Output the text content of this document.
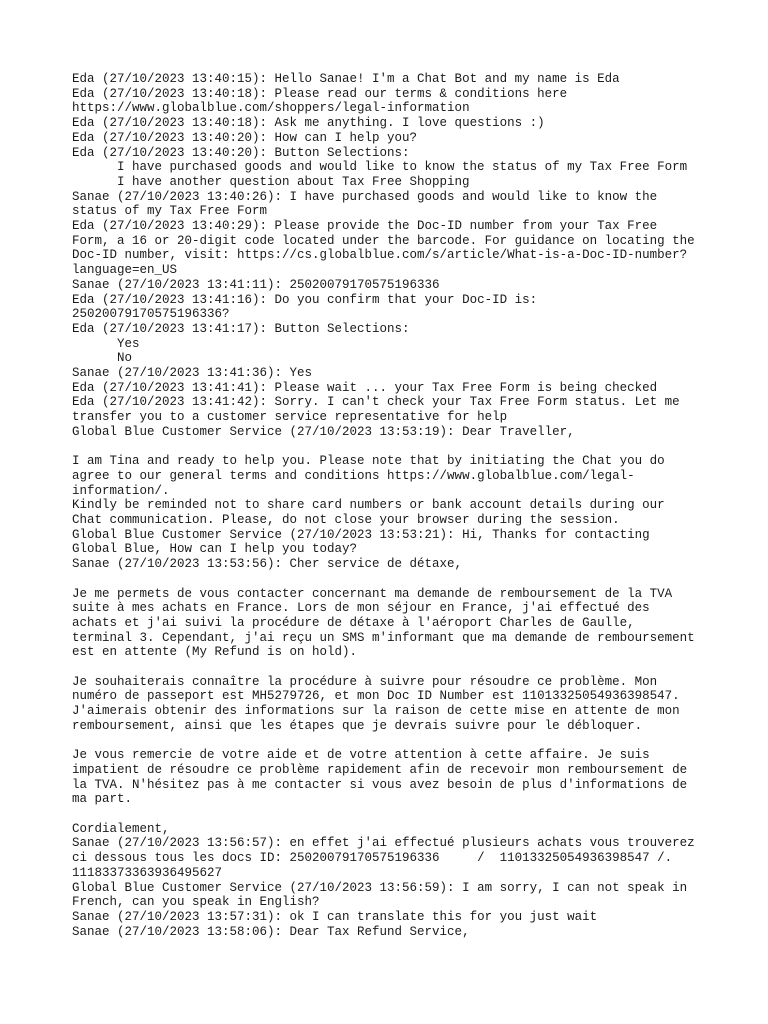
Eda (27/10/2023 13:40:15): Hello Sanae! I'm a Chat Bot and my name is Eda
Eda (27/10/2023 13:40:18): Please read our terms & conditions here
https://www.globalblue.com/shoppers/legal-information
Eda (27/10/2023 13:40:18): Ask me anything. I love questions :)
Eda (27/10/2023 13:40:20): How can I help you?
Eda (27/10/2023 13:40:20): Button Selections:
I have purchased goods and would like to know the status of my Tax Free Form
I have another question about Tax Free Shopping
Sanae (27/10/2023 13:40:26): I have purchased goods and would like to know the
status of my Tax Free Form
Eda (27/10/2023 13:40:29): Please provide the Doc-ID number from your Tax Free
Form, a 16 or 20-digit code located under the barcode. For guidance on locating the
Doc-ID number, visit: https://cs.globalblue.com/s/article/What-is-a-Doc-ID-number?
language=en_US
Sanae (27/10/2023 13:41:11): 25020079170575196336
Eda (27/10/2023 13:41:16): Do you confirm that your Doc-ID is:
25020079170575196336?
Eda (27/10/2023 13:41:17): Button Selections:
Yes
No
Sanae (27/10/2023 13:41:36): Yes
Eda (27/10/2023 13:41:41): Please wait ... your Tax Free Form is being checked
Eda (27/10/2023 13:41:42): Sorry. I can't check your Tax Free Form status. Let me
transfer you to a customer service representative for help
Global Blue Customer Service (27/10/2023 13:53:19): Dear Traveller,
I am Tina and ready to help you. Please note that by initiating the Chat you do
agree to our general terms and conditions https://www.globalblue.com/legal-
information/.
Kindly be reminded not to share card numbers or bank account details during our
Chat communication. Please, do not close your browser during the session.
Global Blue Customer Service (27/10/2023 13:53:21): Hi, Thanks for contacting
Global Blue, How can I help you today?
Sanae (27/10/2023 13:53:56): Cher service de détaxe,
Je me permets de vous contacter concernant ma demande de remboursement de la TVA
suite à mes achats en France. Lors de mon séjour en France, j'ai effectué des
achats et j'ai suivi la procédure de détaxe à l'aéroport Charles de Gaulle,
terminal 3. Cependant, j'ai reçu un SMS m'informant que ma demande de remboursement
est en attente (My Refund is on hold).
Je souhaiterais connaître la procédure à suivre pour résoudre ce problème. Mon
numéro de passeport est MH5279726, et mon Doc ID Number est 11013325054936398547.
J'aimerais obtenir des informations sur la raison de cette mise en attente de mon
remboursement, ainsi que les étapes que je devrais suivre pour le débloquer.
Je vous remercie de votre aide et de votre attention à cette affaire. Je suis
impatient de résoudre ce problème rapidement afin de recevoir mon remboursement de
la TVA. N'hésitez pas à me contacter si vous avez besoin de plus d'informations de
ma part.
Cordialement,
Sanae (27/10/2023 13:56:57): en effet j'ai effectué plusieurs achats vous trouverez
ci dessous tous les docs ID: 25020079170575196336     /  11013325054936398547 /.
11183373363936495627
Global Blue Customer Service (27/10/2023 13:56:59): I am sorry, I can not speak in
French, can you speak in English?
Sanae (27/10/2023 13:57:31): ok I can translate this for you just wait
Sanae (27/10/2023 13:58:06): Dear Tax Refund Service,
